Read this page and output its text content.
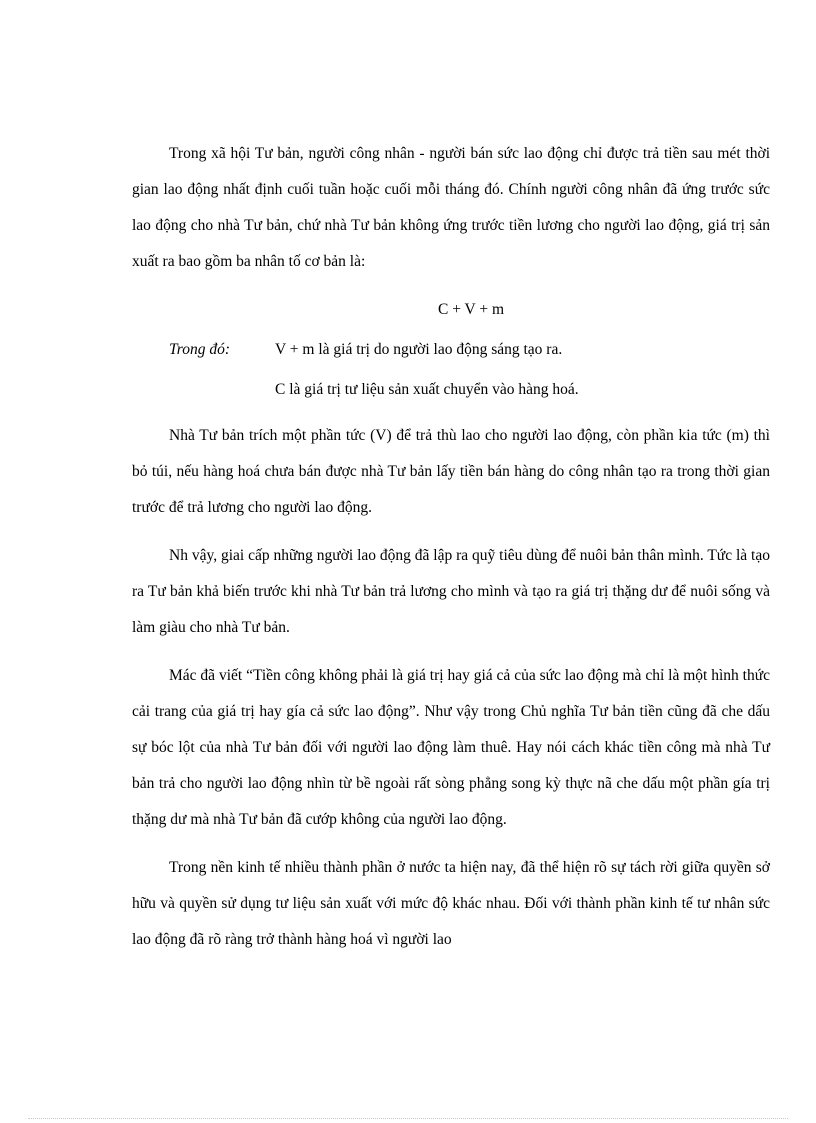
Trong xã hội Tư bản, người công nhân - người bán sức lao động chỉ được trả tiền sau mét thời gian lao động nhất định cuối tuần hoặc cuối mỗi tháng đó. Chính người công nhân đã ứng trước sức lao động cho nhà Tư bản, chứ nhà Tư bản không ứng trước tiền lương cho người lao động, giá trị sản xuất ra bao gồm ba nhân tố cơ bản là:

C + V + m
Trong đó:	V + m là giá trị do người lao động sáng tạo ra.
C là giá trị tư liệu sản xuất chuyển vào hàng hoá.

Nhà Tư bản trích một phần tức (V) để trả thù lao cho người lao động, còn phần kia tức (m) thì bỏ túi, nếu hàng hoá chưa bán được nhà Tư bản lấy tiền bán hàng do công nhân tạo ra trong thời gian trước để trả lương cho người lao động.

Nh vậy, giai cấp những người lao động đã lập ra quỹ tiêu dùng để nuôi bản thân mình. Tức là tạo ra Tư bản khả biến trước khi nhà Tư bản trả lương cho mình và tạo ra giá trị thặng dư để nuôi sống và làm giàu cho nhà Tư bản.

Mác đã viết “Tiền công không phải là giá trị hay giá cả của sức lao động mà chỉ là một hình thức cải trang của giá trị hay gía cả sức lao động”. Như vậy trong Chủ nghĩa Tư bản tiền cũng đã che dấu sự bóc lột của nhà Tư bản đối với người lao động làm thuê. Hay nói cách khác tiền công mà nhà Tư bản trả cho người lao động nhìn từ bề ngoài rất sòng phẳng song kỳ thực nã che dấu một phần gía trị thặng dư mà nhà Tư bản đã cướp không của người lao động.

Trong nền kinh tế nhiều thành phần ở nước ta hiện nay, đã thể hiện rõ sự tách rời giữa quyền sở hữu và quyền sử dụng tư liệu sản xuất với mức độ khác nhau. Đối với thành phần kinh tế tư nhân sức lao động đã rõ ràng trở thành hàng hoá vì người lao
